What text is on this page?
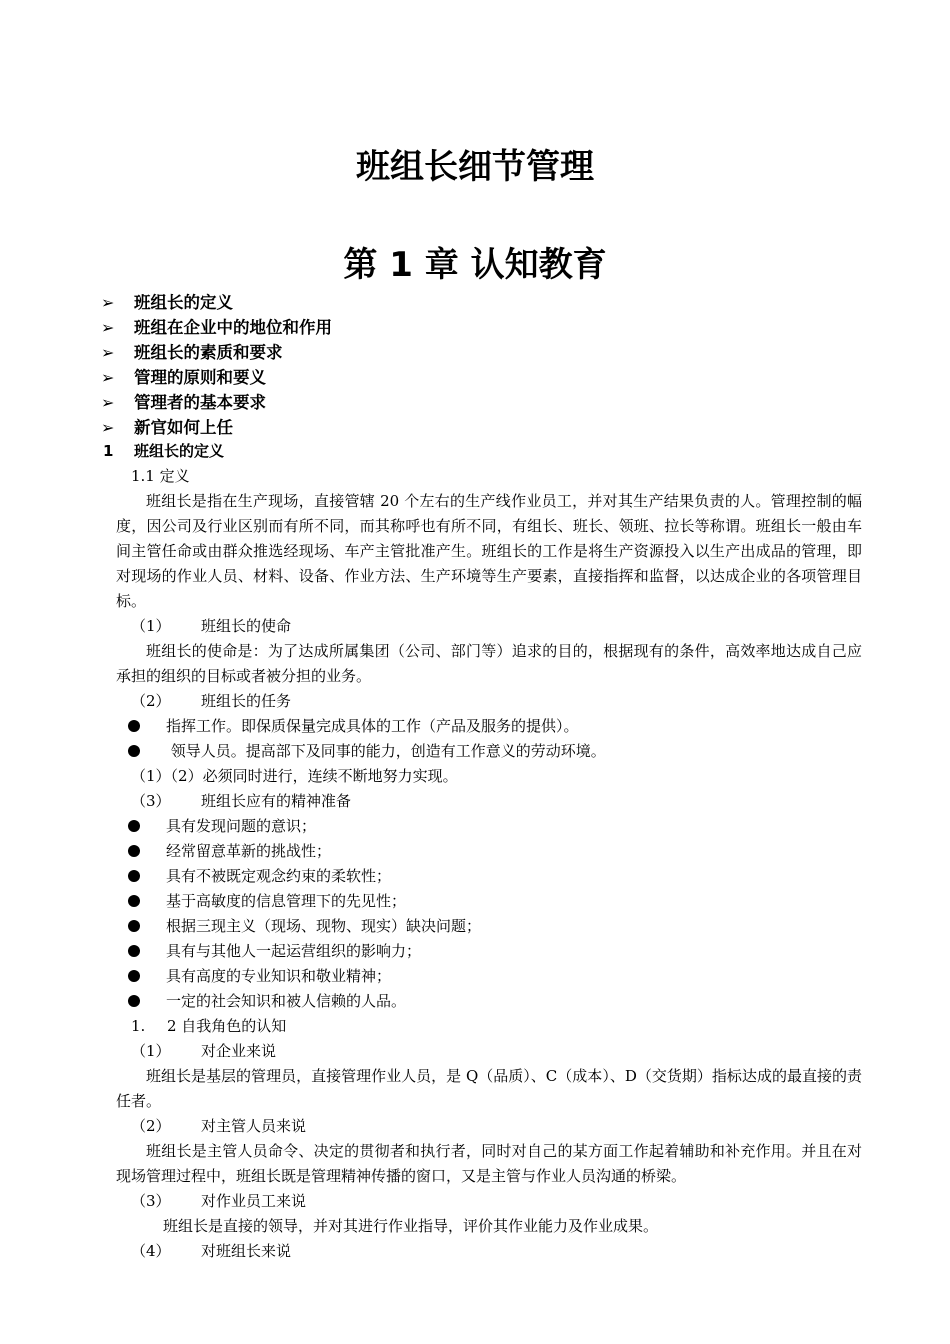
班组长细节管理
第 1 章 认知教育
➢ 班组长的定义
➢ 班组在企业中的地位和作用
➢ 班组长的素质和要求
➢ 管理的原则和要义
➢ 管理者的基本要求
➢ 新官如何上任
1 班组长的定义
1.1 定义
班组长是指在生产现场，直接管辖 20 个左右的生产线作业员工，并对其生产结果负责的人。管理控制的幅度，因公司及行业区别而有所不同，而其称呼也有所不同，有组长、班长、领班、拉长等称谓。班组长一般由车间主管任命或由群众推选经现场、车产主管批准产生。班组长的工作是将生产资源投入以生产出成品的管理，即对现场的作业人员、材料、设备、作业方法、生产环境等生产要素，直接指挥和监督，以达成企业的各项管理目标。
（1） 班组长的使命
班组长的使命是：为了达成所属集团（公司、部门等）追求的目的，根据现有的条件，高效率地达成自己应承担的组织的目标或者被分担的业务。
（2） 班组长的任务
指挥工作。即保质保量完成具体的工作（产品及服务的提供）。
领导人员。提高部下及同事的能力，创造有工作意义的劳动环境。
（1）（2）必须同时进行，连续不断地努力实现。
（3） 班组长应有的精神准备
具有发现问题的意识；
经常留意革新的挑战性；
具有不被既定观念约束的柔软性；
基于高敏度的信息管理下的先见性；
根据三现主义（现场、现物、现实）缺决问题；
具有与其他人一起运营组织的影响力；
具有高度的专业知识和敬业精神；
一定的社会知识和被人信赖的人品。
1. 2 自我角色的认知
（1） 对企业来说
班组长是基层的管理员，直接管理作业人员，是 Q（品质）、C（成本）、D（交货期）指标达成的最直接的责任者。
（2） 对主管人员来说
班组长是主管人员命令、决定的贯彻者和执行者，同时对自己的某方面工作起着辅助和补充作用。并且在对现场管理过程中，班组长既是管理精神传播的窗口，又是主管与作业人员沟通的桥梁。
（3） 对作业员工来说
班组长是直接的领导，并对其进行作业指导，评价其作业能力及作业成果。
（4） 对班组长来说
